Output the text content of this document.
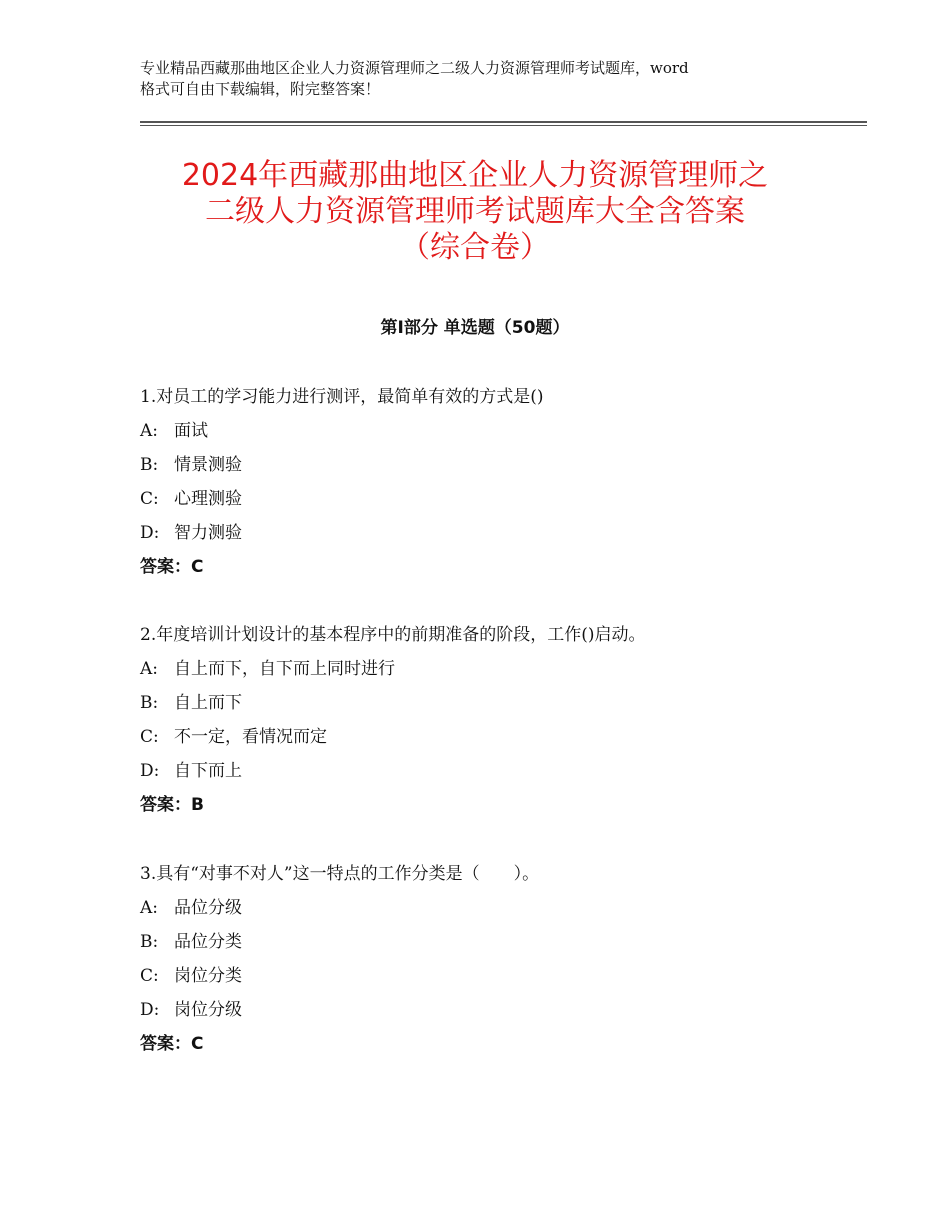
专业精品西藏那曲地区企业人力资源管理师之二级人力资源管理师考试题库，word
格式可自由下载编辑，附完整答案！
2024年西藏那曲地区企业人力资源管理师之
二级人力资源管理师考试题库大全含答案
（综合卷）
第Ⅰ部分 单选题（50题）
1.对员工的学习能力进行测评，最简单有效的方式是()
A: 面试
B: 情景测验
C: 心理测验
D: 智力测验
答案：C
2.年度培训计划设计的基本程序中的前期准备的阶段，工作()启动。
A: 自上而下，自下而上同时进行
B: 自上而下
C: 不一定，看情况而定
D: 自下而上
答案：B
3.具有“对事不对人”这一特点的工作分类是（　　）。
A: 品位分级
B: 品位分类
C: 岗位分类
D: 岗位分级
答案：C
